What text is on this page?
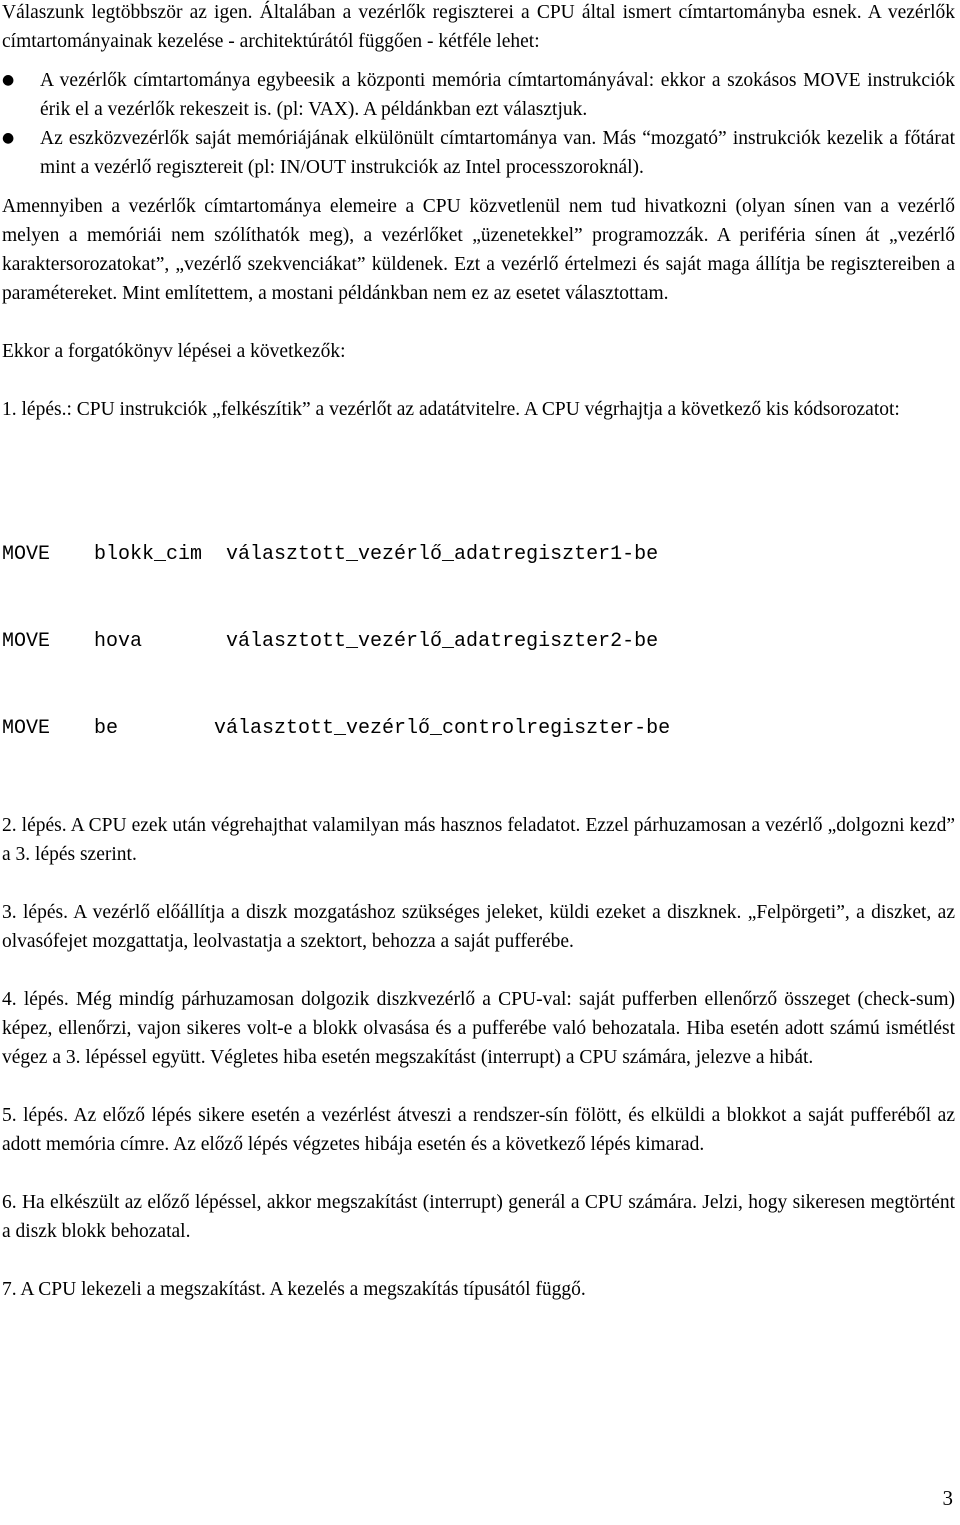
Válaszunk legtöbbször az igen. Általában a vezérlők regiszterei a CPU által ismert címtartományba esnek. A vezérlők címtartományainak kezelése - architektúrától függően - kétféle lehet:

●	A vezérlők címtartománya egybeesik a központi memória címtartományával: ekkor a szokásos MOVE instrukciók érik el a vezérlők rekeszeit is. (pl: VAX). A példánkban ezt választjuk.
●	Az eszközvezérlők saját memóriájának elkülönült címtartománya van. Más “mozgató” instrukciók kezelik a főtárat mint a vezérlő regisztereit (pl: IN/OUT instrukciók az Intel processzoroknál).

Amennyiben a vezérlők címtartománya elemeire a CPU közvetlenül nem tud hivatkozni (olyan sínen van a vezérlő melyen a memóriái nem szólíthatók meg), a vezérlőket „üzenetekkel” programozzák. A periféria sínen át „vezérlő karaktersorozatokat”, „vezérlő szekvenciákat” küldenek. Ezt a vezérlő értelmezi és saját maga állítja be regisztereiben a paramétereket. Mint említettem, a mostani példánkban nem ez az esetet választottam.

Ekkor a forgatókönyv lépései a következők:

1. lépés.: CPU instrukciók „felkészítik” a vezérlőt az adatátvitelre. A CPU végrhajtja a következő kis kódsorozatot:

MOVE blokk_cim  választott_vezérlő_adatregiszter1-be

MOVE hova       választott_vezérlő_adatregiszter2-be

MOVE be        választott_vezérlő_controlregiszter-be

2. lépés. A CPU ezek után végrehajthat valamilyan más hasznos feladatot. Ezzel párhuzamosan a vezérlő „dolgozni kezd” a 3. lépés szerint.

3. lépés. A vezérlő előállítja a diszk mozgatáshoz szükséges jeleket, küldi ezeket a diszknek. „Felpörgeti”, a diszket, az olvasófejet mozgattatja, leolvastatja a szektort, behozza a saját pufferébe.

4. lépés. Még mindíg párhuzamosan dolgozik diszkvezérlő a CPU-val: saját pufferben ellenőrző összeget (check-sum) képez, ellenőrzi, vajon sikeres volt-e a blokk olvasása és a pufferébe való behozatala. Hiba esetén adott számú ismétlést végez a 3. lépéssel együtt. Végletes hiba esetén megszakítást (interrupt) a CPU számára, jelezve a hibát.

5. lépés. Az előző lépés sikere esetén a vezérlést átveszi a rendszer-sín fölött, és elküldi a blokkot a saját pufferéből az adott memória címre. Az előző lépés végzetes hibája esetén és a következő lépés kimarad.

6. Ha elkészült az előző lépéssel, akkor megszakítást (interrupt) generál a CPU számára. Jelzi, hogy sikeresen megtörtént a diszk blokk behozatal.

7. A CPU lekezeli a megszakítást. A kezelés a megszakítás típusától függő.

3
